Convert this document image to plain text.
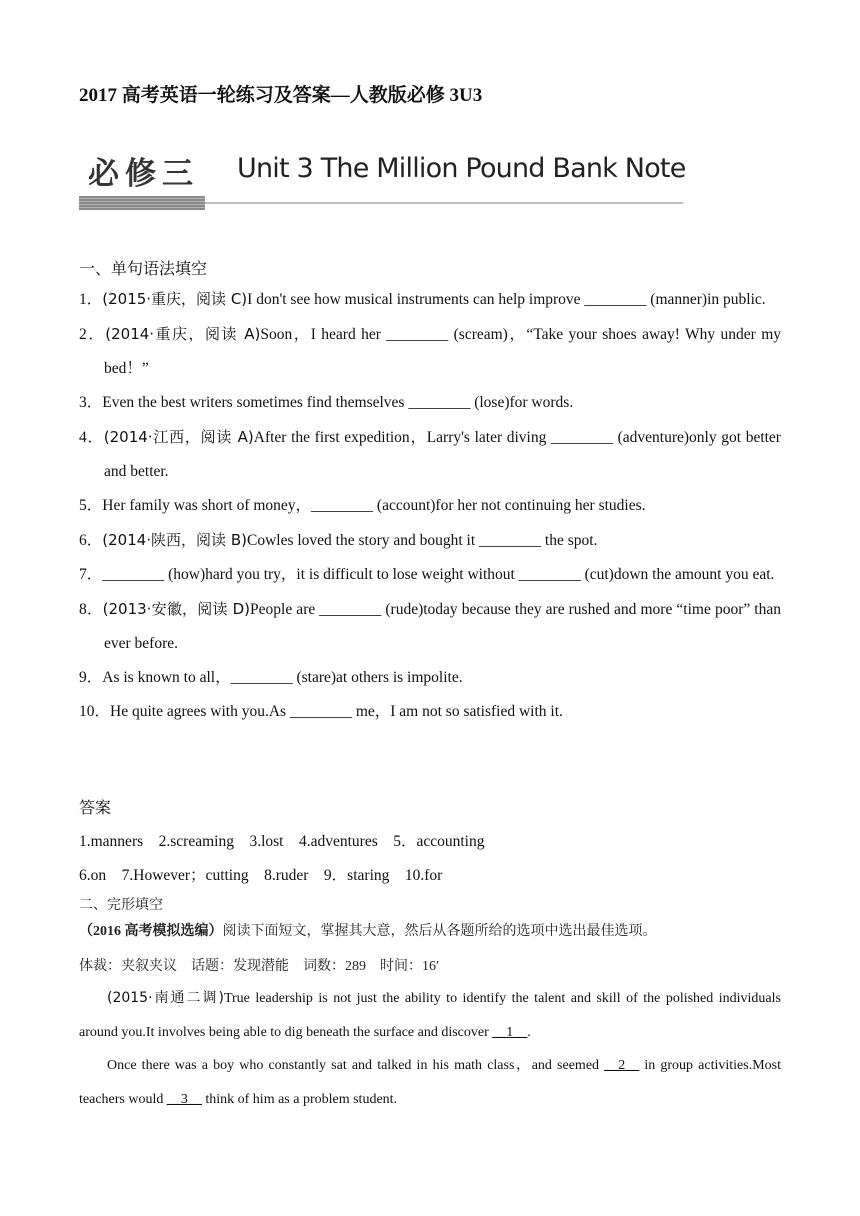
2017 高考英语一轮练习及答案—人教版必修 3U3
必修三 Unit 3 The Million Pound Bank Note
一、单句语法填空

1．(2015·重庆，阅读 C)I don't see how musical instruments can help improve ________ (manner)in public.

2．(2014·重庆，阅读 A)Soon，I heard her ________ (scream)，“Take your shoes away! Why under my bed！”

3．Even the best writers sometimes find themselves ________ (lose)for words.

4．(2014·江西，阅读 A)After the first expedition，Larry's later diving ________ (adventure)only got better and better.

5．Her family was short of money，________ (account)for her not continuing her studies.

6．(2014·陕西，阅读 B)Cowles loved the story and bought it ________ the spot.

7．________ (how)hard you try，it is difficult to lose weight without ________ (cut)down the amount you eat.

8．(2013·安徽，阅读 D)People are ________ (rude)today because they are rushed and more “time poor” than ever before.

9．As is known to all，________ (stare)at others is impolite.

10．He quite agrees with you.As ________ me，I am not so satisfied with it.

答案
1.manners　2.screaming　3.lost　4.adventures　5．accounting
6.on　7.However；cutting　8.ruder　9．staring　10.for
二、完形填空
（2016 高考模拟选编）阅读下面短文，掌握其大意，然后从各题所给的选项中选出最佳选项。
体裁：夹叙夹议　话题：发现潜能　词数：289　时间：16′
(2015·南通二调)True leadership is not just the ability to identify the talent and skill of the polished individuals around you.It involves being able to dig beneath the surface and discover __1__.
Once there was a boy who constantly sat and talked in his math class，and seemed __2__ in group activities.Most teachers would __3__ think of him as a problem student.
